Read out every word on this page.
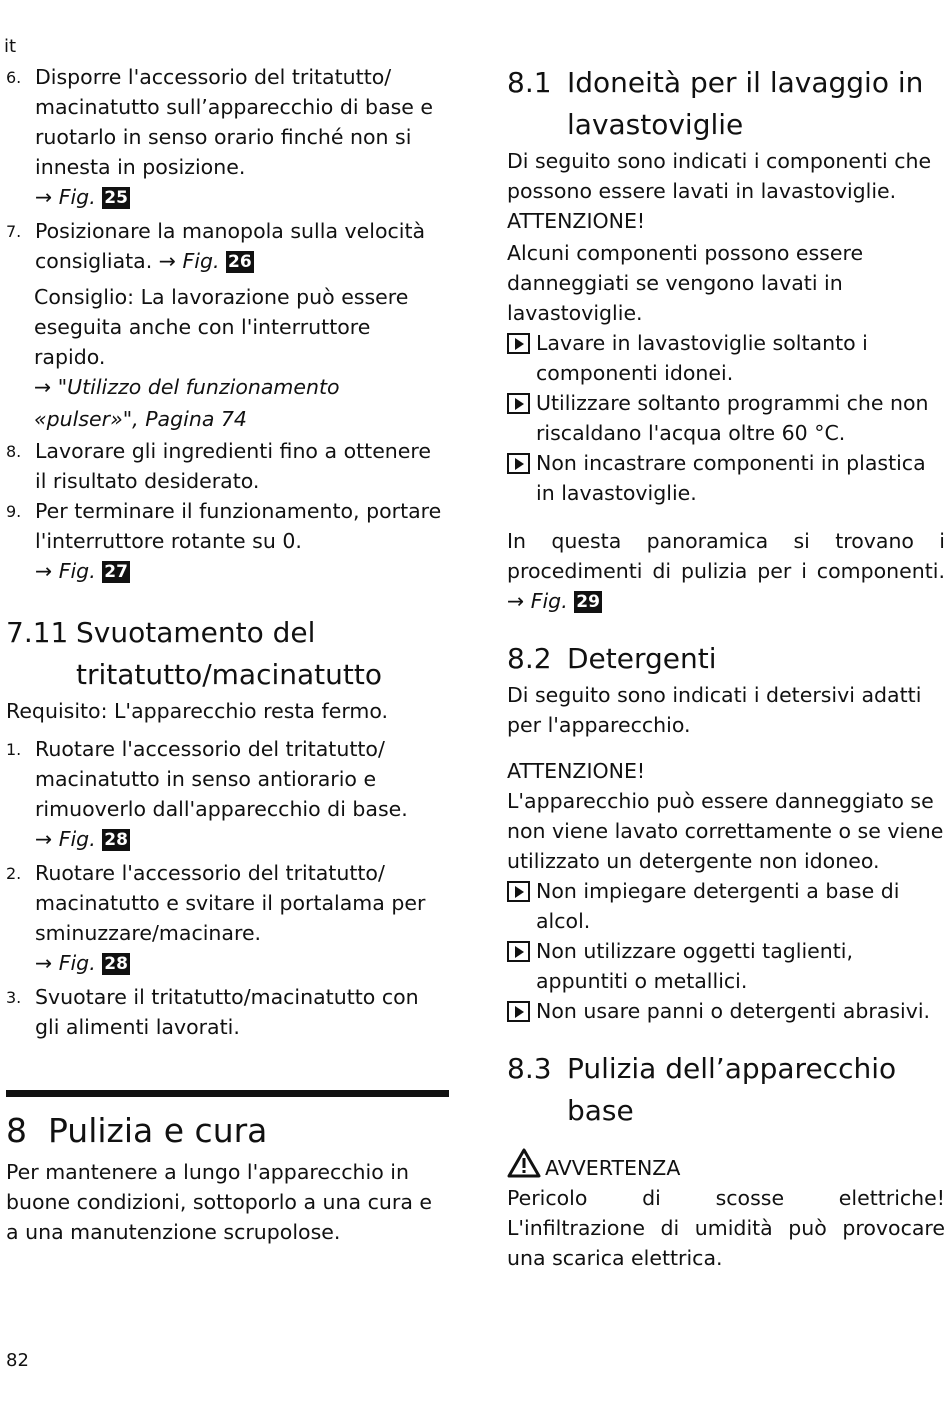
it
6. Disporre l'accessorio del tritatutto/ macinatutto sull’apparecchio di base e ruotarlo in senso orario finché non si innesta in posizione.
→ Fig. 25
7. Posizionare la manopola sulla velocità consigliata. → Fig. 26
Consiglio: La lavorazione può essere eseguita anche con l'interruttore rapido.
→ "Utilizzo del funzionamento
«pulser»", Pagina 74
8. Lavorare gli ingredienti fino a ottenere il risultato desiderato.
9. Per terminare il funzionamento, portare l'interruttore rotante su 0.
→ Fig. 27
7.11 Svuotamento del tritatutto/macinatutto
Requisito: L'apparecchio resta fermo.
1. Ruotare l'accessorio del tritatutto/ macinatutto in senso antiorario e rimuoverlo dall'apparecchio di base.
→ Fig. 28
2. Ruotare l'accessorio del tritatutto/ macinatutto e svitare il portalama per sminuzzare/macinare.
→ Fig. 28
3. Svuotare il tritatutto/macinatutto con gli alimenti lavorati.
8 Pulizia e cura
Per mantenere a lungo l'apparecchio in buone condizioni, sottoporlo a una cura e a una manutenzione scrupolose.
8.1 Idoneità per il lavaggio in lavastoviglie
Di seguito sono indicati i componenti che possono essere lavati in lavastoviglie.
ATTENZIONE!
Alcuni componenti possono essere danneggiati se vengono lavati in lavastoviglie.
Lavare in lavastoviglie soltanto i componenti idonei.
Utilizzare soltanto programmi che non riscaldano l'acqua oltre 60 °C.
Non incastrare componenti in plastica in lavastoviglie.
In questa panoramica si trovano i procedimenti di pulizia per i componenti. → Fig. 29
8.2 Detergenti
Di seguito sono indicati i detersivi adatti per l'apparecchio.
ATTENZIONE!
L'apparecchio può essere danneggiato se non viene lavato correttamente o se viene utilizzato un detergente non idoneo.
Non impiegare detergenti a base di alcol.
Non utilizzare oggetti taglienti, appuntiti o metallici.
Non usare panni o detergenti abrasivi.
8.3 Pulizia dell’apparecchio base
AVVERTENZA
Pericolo di scosse elettriche!
L'infiltrazione di umidità può provocare una scarica elettrica.
82
